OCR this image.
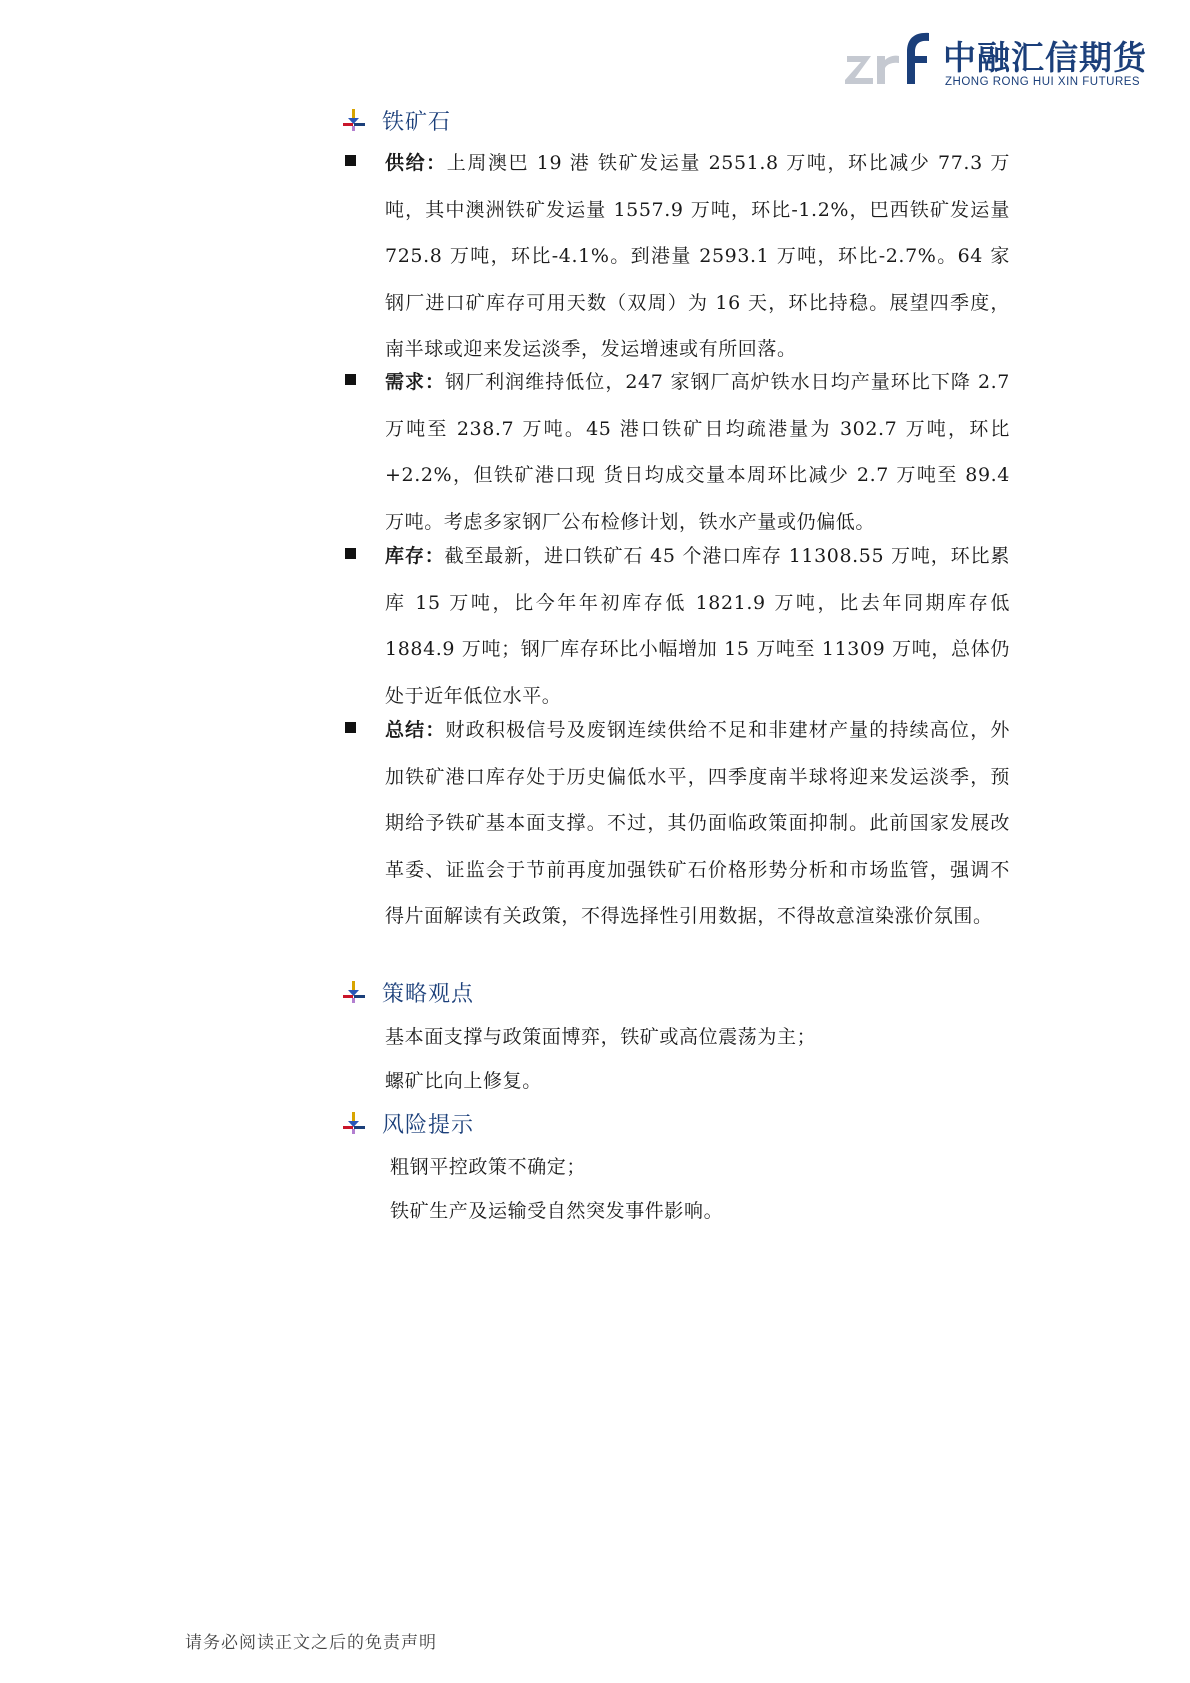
中融汇信期货
ZHONG RONG HUI XIN FUTURES
铁矿石
供给：上周澳巴 19 港 铁矿发运量 2551.8 万吨，环比减少 77.3 万吨，其中澳洲铁矿发运量 1557.9 万吨，环比-1.2%，巴西铁矿发运量 725.8 万吨，环比-4.1%。到港量 2593.1 万吨，环比-2.7%。64 家钢厂进口矿库存可用天数（双周）为 16 天，环比持稳。展望四季度，南半球或迎来发运淡季，发运增速或有所回落。
需求：钢厂利润维持低位，247 家钢厂高炉铁水日均产量环比下降 2.7 万吨至 238.7 万吨。45 港口铁矿日均疏港量为 302.7 万吨，环比+2.2%，但铁矿港口现 货日均成交量本周环比减少 2.7 万吨至 89.4 万吨。考虑多家钢厂公布检修计划，铁水产量或仍偏低。
库存：截至最新，进口铁矿石 45 个港口库存 11308.55 万吨，环比累库 15 万吨，比今年年初库存低 1821.9 万吨，比去年同期库存低 1884.9 万吨；钢厂库存环比小幅增加 15 万吨至 11309 万吨，总体仍处于近年低位水平。
总结：财政积极信号及废钢连续供给不足和非建材产量的持续高位，外加铁矿港口库存处于历史偏低水平，四季度南半球将迎来发运淡季，预期给予铁矿基本面支撑。不过，其仍面临政策面抑制。此前国家发展改革委、证监会于节前再度加强铁矿石价格形势分析和市场监管，强调不得片面解读有关政策，不得选择性引用数据，不得故意渲染涨价氛围。
策略观点
基本面支撑与政策面博弈，铁矿或高位震荡为主；
螺矿比向上修复。
风险提示
粗钢平控政策不确定；
铁矿生产及运输受自然突发事件影响。
请务必阅读正文之后的免责声明
